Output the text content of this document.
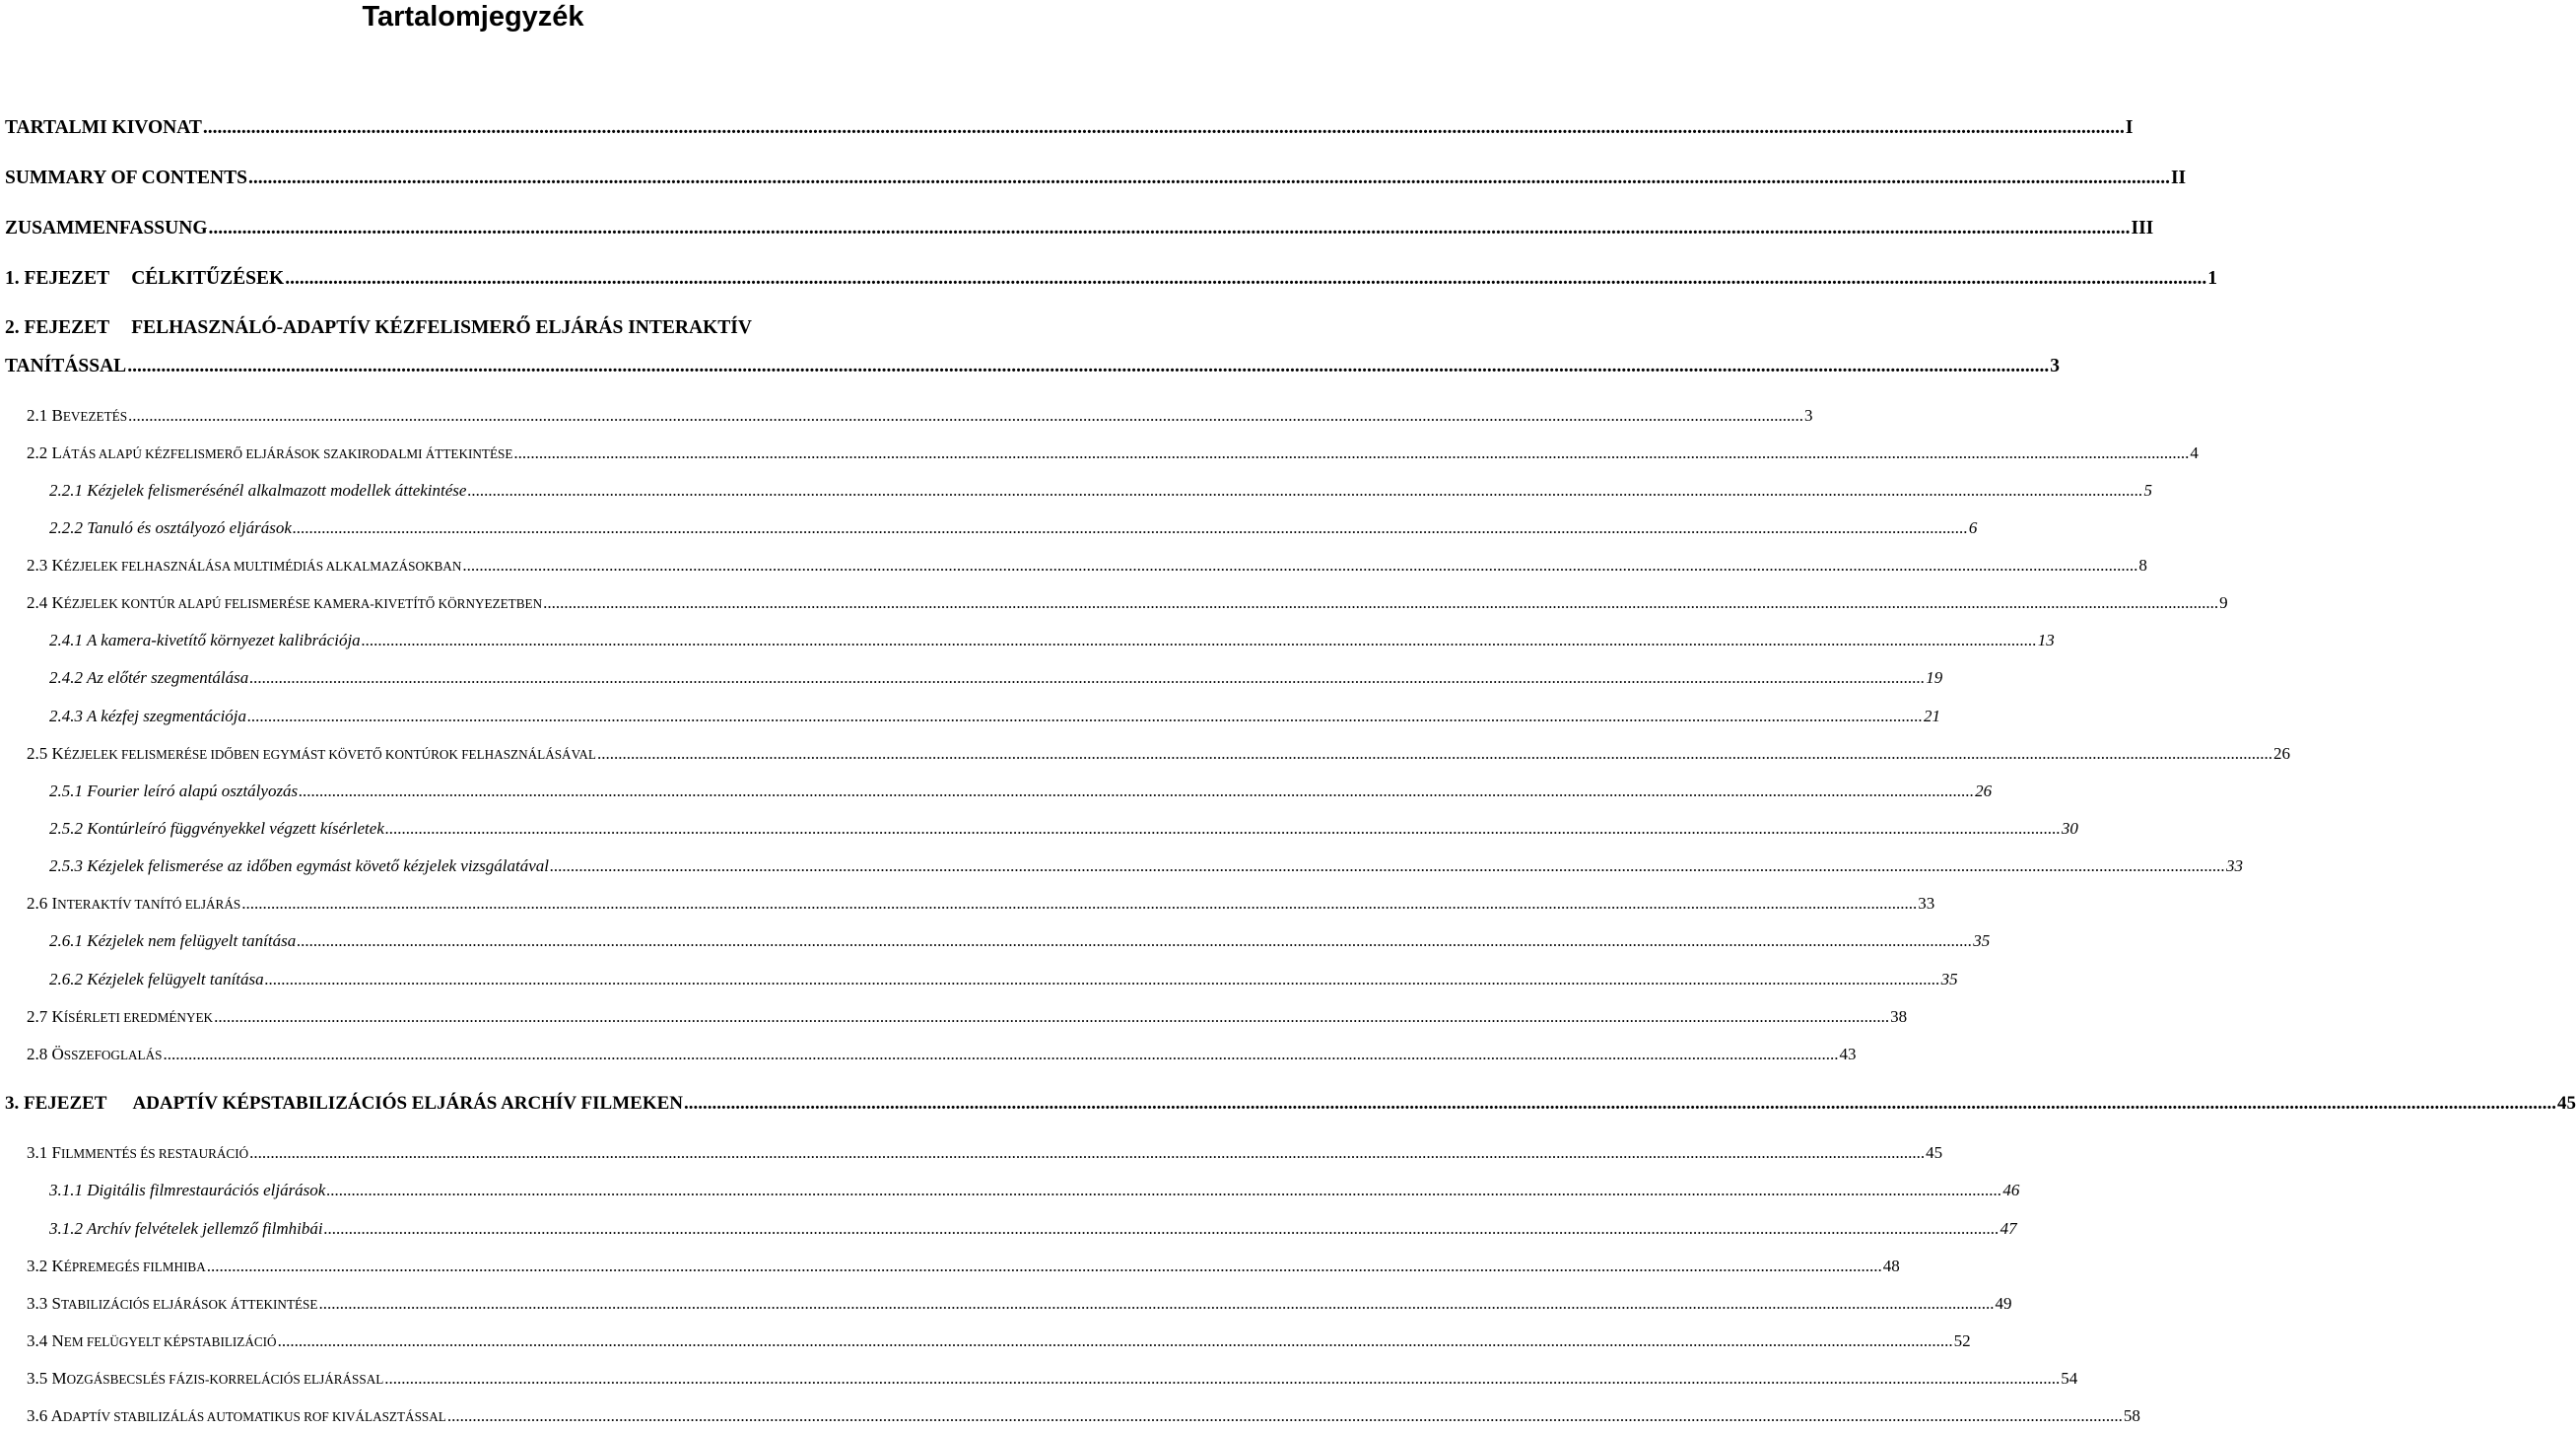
Tartalomjegyzék
TARTALMI KIVONAT ................................................................................................................................................................................................................................................................................................................................................................................................................ I
SUMMARY OF CONTENTS ................................................................................................................................................................................................................................................................................................................................................................................................................ II
ZUSAMMENFASSUNG ................................................................................................................................................................................................................................................................................................................................................................................................................ III
1. FEJEZET CÉLKITŰZÉSEK ................................................................................................................................................................................................................................................................................................................................................................................................................ 1
2. FEJEZET FELHASZNÁLÓ-ADAPTÍV KÉZFELISMERŐ ELJÁRÁS INTERAKTÍV
TANÍTÁSSAL ................................................................................................................................................................................................................................................................................................................................................................................................................ 3
2.1 BEVEZETÉS ................................................................................................................................................................................................................................................................................................................................................................................................................ 3
2.2 LÁTÁS ALAPÚ KÉZFELISMERŐ ELJÁRÁSOK SZAKIRODALMI ÁTTEKINTÉSE ................................................................................................................................................................................................................................................................................................................................................................................................................ 4
2.2.1 Kézjelek felismerésénél alkalmazott modellek áttekintése ................................................................................................................................................................................................................................................................................................................................................................................................................ 5
2.2.2 Tanuló és osztályozó eljárások ................................................................................................................................................................................................................................................................................................................................................................................................................ 6
2.3 KÉZJELEK FELHASZNÁLÁSA MULTIMÉDIÁS ALKALMAZÁSOKBAN ................................................................................................................................................................................................................................................................................................................................................................................................................ 8
2.4 KÉZJELEK KONTÚR ALAPÚ FELISMERÉSE KAMERA-KIVETÍTŐ KÖRNYEZETBEN ................................................................................................................................................................................................................................................................................................................................................................................................................ 9
2.4.1 A kamera-kivetítő környezet kalibrációja ................................................................................................................................................................................................................................................................................................................................................................................................................ 13
2.4.2 Az előtér szegmentálása ................................................................................................................................................................................................................................................................................................................................................................................................................ 19
2.4.3 A kézfej szegmentációja ................................................................................................................................................................................................................................................................................................................................................................................................................ 21
2.5 KÉZJELEK FELISMERÉSE IDŐBEN EGYMÁST KÖVETŐ KONTÚROK FELHASZNÁLÁSÁVAL ................................................................................................................................................................................................................................................................................................................................................................................................................ 26
2.5.1 Fourier leíró alapú osztályozás ................................................................................................................................................................................................................................................................................................................................................................................................................ 26
2.5.2 Kontúrleíró függvényekkel végzett kísérletek ................................................................................................................................................................................................................................................................................................................................................................................................................ 30
2.5.3 Kézjelek felismerése az időben egymást követő kézjelek vizsgálatával ................................................................................................................................................................................................................................................................................................................................................................................................................ 33
2.6 INTERAKTÍV TANÍTÓ ELJÁRÁS ................................................................................................................................................................................................................................................................................................................................................................................................................ 33
2.6.1 Kézjelek nem felügyelt tanítása ................................................................................................................................................................................................................................................................................................................................................................................................................ 35
2.6.2 Kézjelek felügyelt tanítása ................................................................................................................................................................................................................................................................................................................................................................................................................ 35
2.7 KÍSÉRLETI EREDMÉNYEK ................................................................................................................................................................................................................................................................................................................................................................................................................ 38
2.8 ÖSSZEFOGLALÁS ................................................................................................................................................................................................................................................................................................................................................................................................................ 43
3. FEJEZET ADAPTÍV KÉPSTABILIZÁCIÓS ELJÁRÁS ARCHÍV FILMEKEN ................................................................................................................................................................................................................................................................................................................................................................................................................ 45
3.1 FILMMENTÉS ÉS RESTAURÁCIÓ ................................................................................................................................................................................................................................................................................................................................................................................................................ 45
3.1.1 Digitális filmrestaurációs eljárások ................................................................................................................................................................................................................................................................................................................................................................................................................ 46
3.1.2 Archív felvételek jellemző filmhibái ................................................................................................................................................................................................................................................................................................................................................................................................................ 47
3.2 KÉPREMEGÉS FILMHIBA ................................................................................................................................................................................................................................................................................................................................................................................................................ 48
3.3 STABILIZÁCIÓS ELJÁRÁSOK ÁTTEKINTÉSE ................................................................................................................................................................................................................................................................................................................................................................................................................ 49
3.4 NEM FELÜGYELT KÉPSTABILIZÁCIÓ ................................................................................................................................................................................................................................................................................................................................................................................................................ 52
3.5 MOZGÁSBECSLÉS FÁZIS-KORRELÁCIÓS ELJÁRÁSSAL ................................................................................................................................................................................................................................................................................................................................................................................................................ 54
3.6 ADAPTÍV STABILIZÁLÁS AUTOMATIKUS ROF KIVÁLASZTÁSSAL ................................................................................................................................................................................................................................................................................................................................................................................................................ 58
